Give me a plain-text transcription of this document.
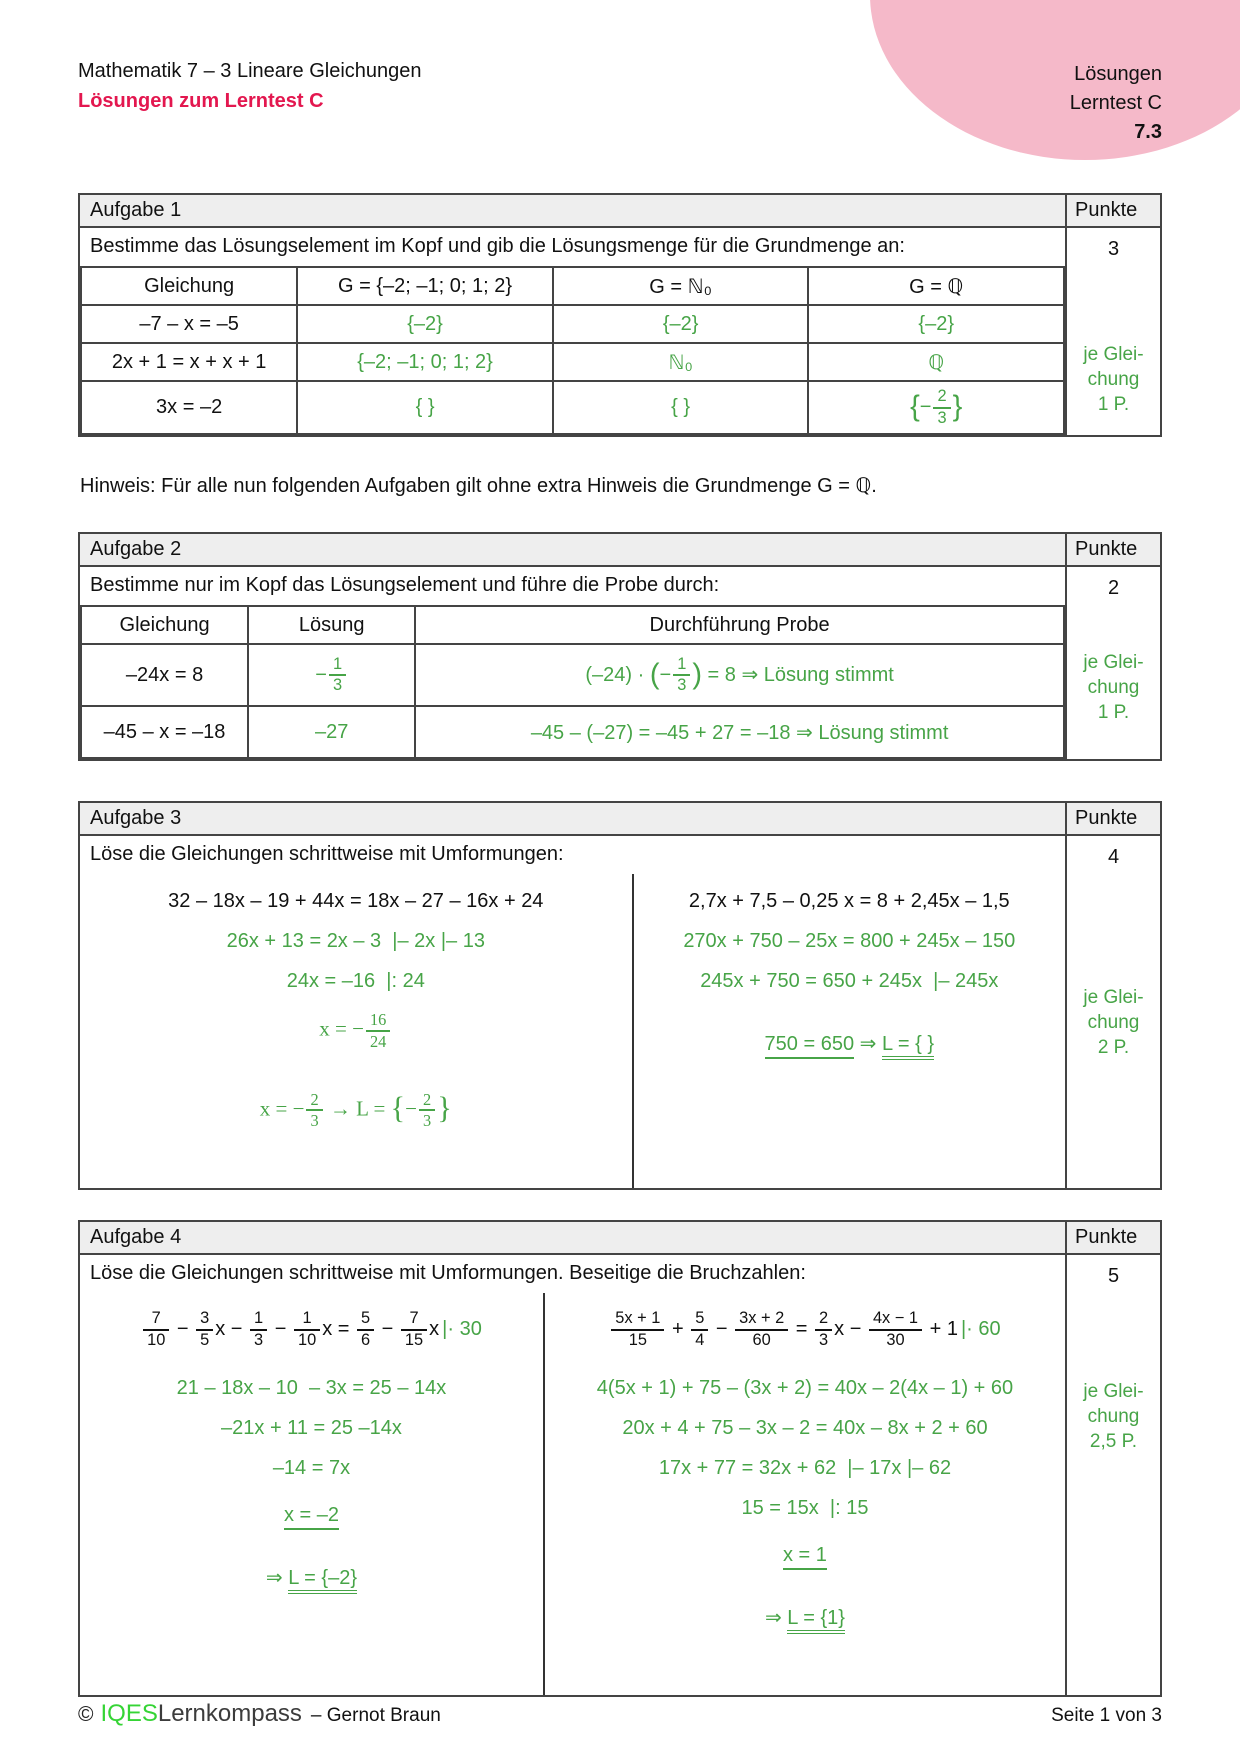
Mathematik 7 – 3 Lineare Gleichungen
Lösungen zum Lerntest C
Lösungen
Lerntest C
7.3
Aufgabe 1	Punkte
Bestimme das Lösungselement im Kopf und gib die Lösungsmenge für die Grundmenge an:
Gleichung	G = {–2; –1; 0; 1; 2}	G = ℕ₀	G = ℚ
–7 – x = –5	{–2}	{–2}	{–2}
2x + 1 = x + x + 1	{–2; –1; 0; 1; 2}	ℕ₀	ℚ
3x = –2	{ }	{ }	{− $\frac{2}{3}$ }
3
je Glei-
chung
1 P.

Hinweis: Für alle nun folgenden Aufgaben gilt ohne extra Hinweis die Grundmenge G = ℚ.

Aufgabe 2	Punkte
Bestimme nur im Kopf das Lösungselement und führe die Probe durch:
Gleichung	Lösung	Durchführung Probe
–24x = 8	− $\frac{1}{3}$	(–24) · (− $\frac{1}{3}$ ) = 8 ⇒ Lösung stimmt
–45 – x = –18	–27	–45 – (–27) = –45 + 27 = –18 ⇒ Lösung stimmt
2
je Glei-
chung
1 P.
Aufgabe 3	Punkte
Löse die Gleichungen schrittweise mit Umformungen:
32 – 18x – 19 + 44x = 18x – 27 – 16x + 24
26x + 13 = 2x – 3  |– 2x |– 13
24x = –16  |: 24
x = − $\frac{16}{24}$
x = − $\frac{2}{3} \to L$ = {− $\frac{2}{3}$ }
2,7x + 7,5 – 0,25 x = 8 + 2,45x – 1,5
270x + 750 – 25x = 800 + 245x – 150
245x + 750 = 650 + 245x  |– 245x
750 = 650 ⇒ L = { }
4
je Glei-
chung
2 P.
Aufgabe 4	Punkte
Löse die Gleichungen schrittweise mit Umformungen. Beseitige die Bruchzahlen:
$\frac{7}{10} - \frac{3}{5}$ $x - \frac{1}{3} - \frac{1}{10}$ $x = \frac{5}{6} - \frac{7}{15}$ x |· 30
21 – 18x – 10  – 3x = 25 – 14x
–21x + 11 = 25 –14x
–14 = 7x
x = –2
⇒ L = {–2}
$\frac{5x + 1}{15} + \frac{5}{4} - \frac{3x + 2}{60} = \frac{2}{3}$ $x - \frac{4x - 1}{30} + 1$ |· 60
4(5x + 1) + 75 – (3x + 2) = 40x – 2(4x – 1) + 60
20x + 4 + 75 – 3x – 2 = 40x – 8x + 2 + 60
17x + 77 = 32x + 62  |– 17x |– 62
15 = 15x  |: 15
x = 1
⇒ L = {1}
5
je Glei-
chung
2,5 P.
© IQES Lernkompass – Gernot Braun	Seite 1 von 3
